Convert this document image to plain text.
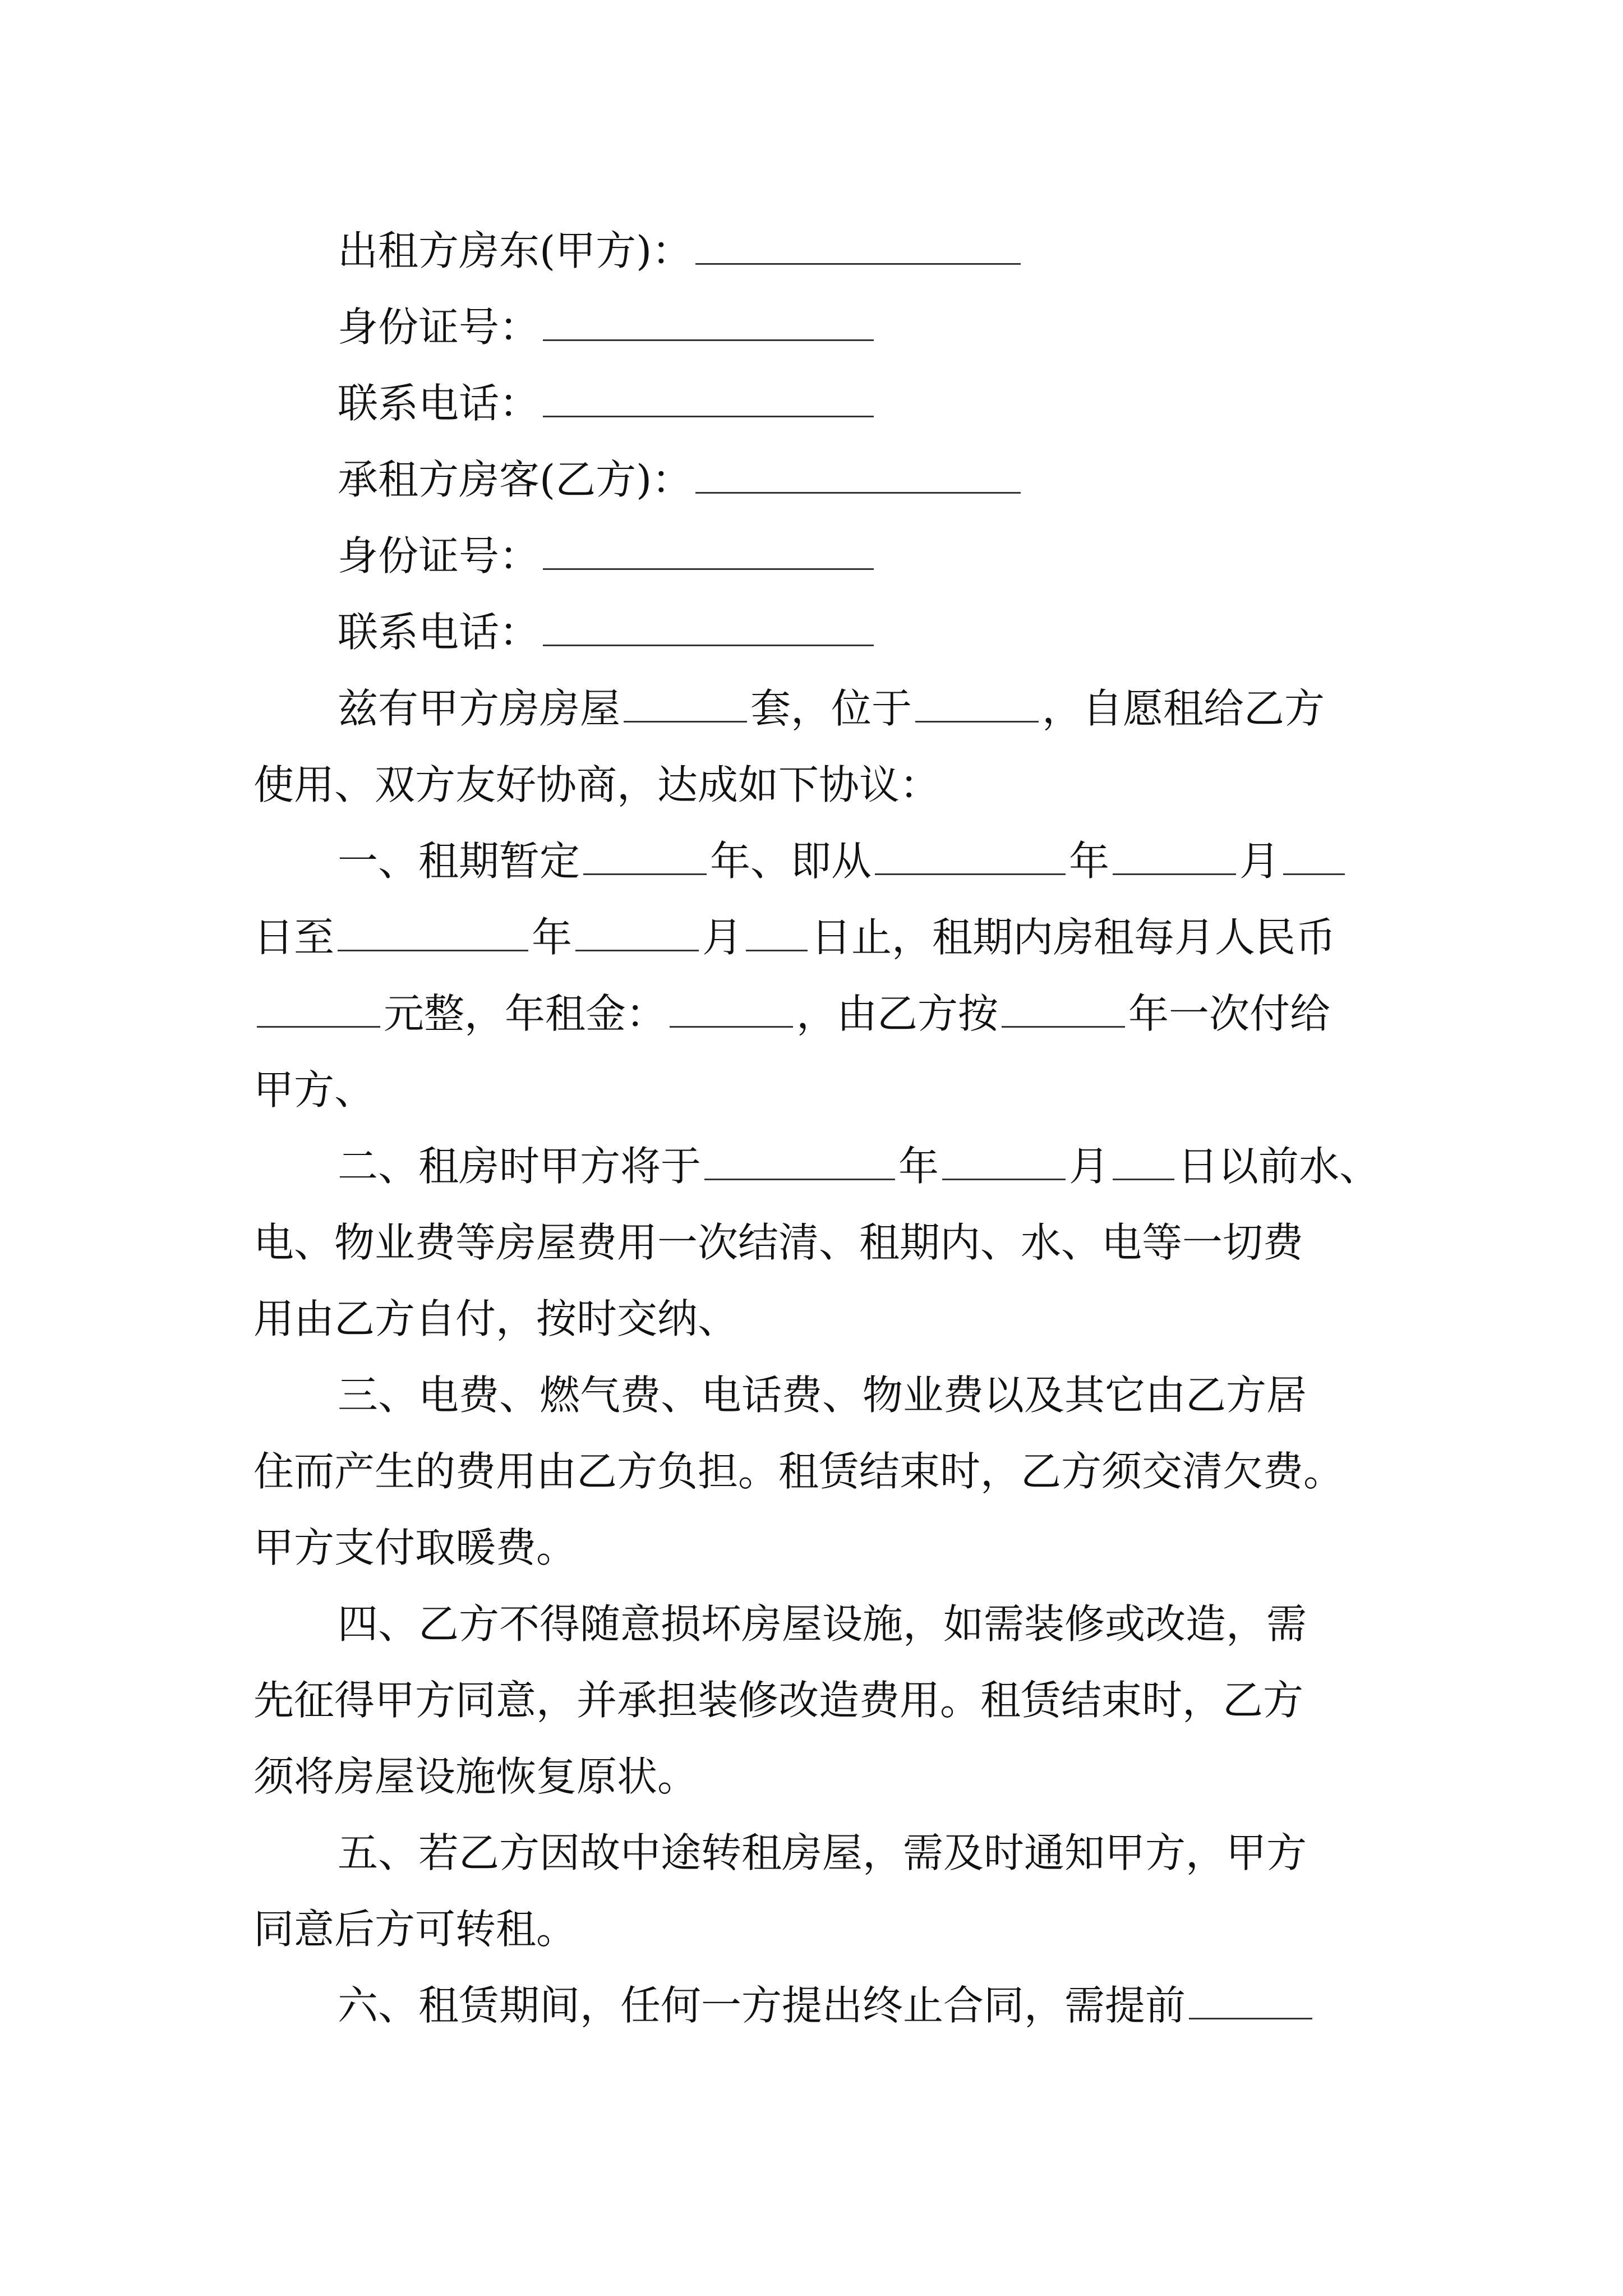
出租方房东(甲方)：
身份证号：
联系电话：
承租方房客(乙方)：
身份证号：
联系电话：
兹有甲方房房屋	套，位于	，自愿租给乙方
使用、双方友好协商，达成如下协议：
一、租期暂定	年、即从	年	月
日至	年	月 日止，租期内房租每月人民币
元整，年租金：	，由乙方按	年一次付给
甲方、
二、租房时甲方将于	年	月 日以前水、
电、物业费等房屋费用一次结清、租期内、水、电等一切费
用由乙方自付，按时交纳、
三、电费、燃气费、电话费、物业费以及其它由乙方居
住而产生的费用由乙方负担。租赁结束时，乙方须交清欠费。
甲方支付取暖费。
四、乙方不得随意损坏房屋设施，如需装修或改造，需
先征得甲方同意，并承担装修改造费用。租赁结束时，乙方
须将房屋设施恢复原状。
五、若乙方因故中途转租房屋，需及时通知甲方，甲方
同意后方可转租。
六、租赁期间，任何一方提出终止合同，需提前
